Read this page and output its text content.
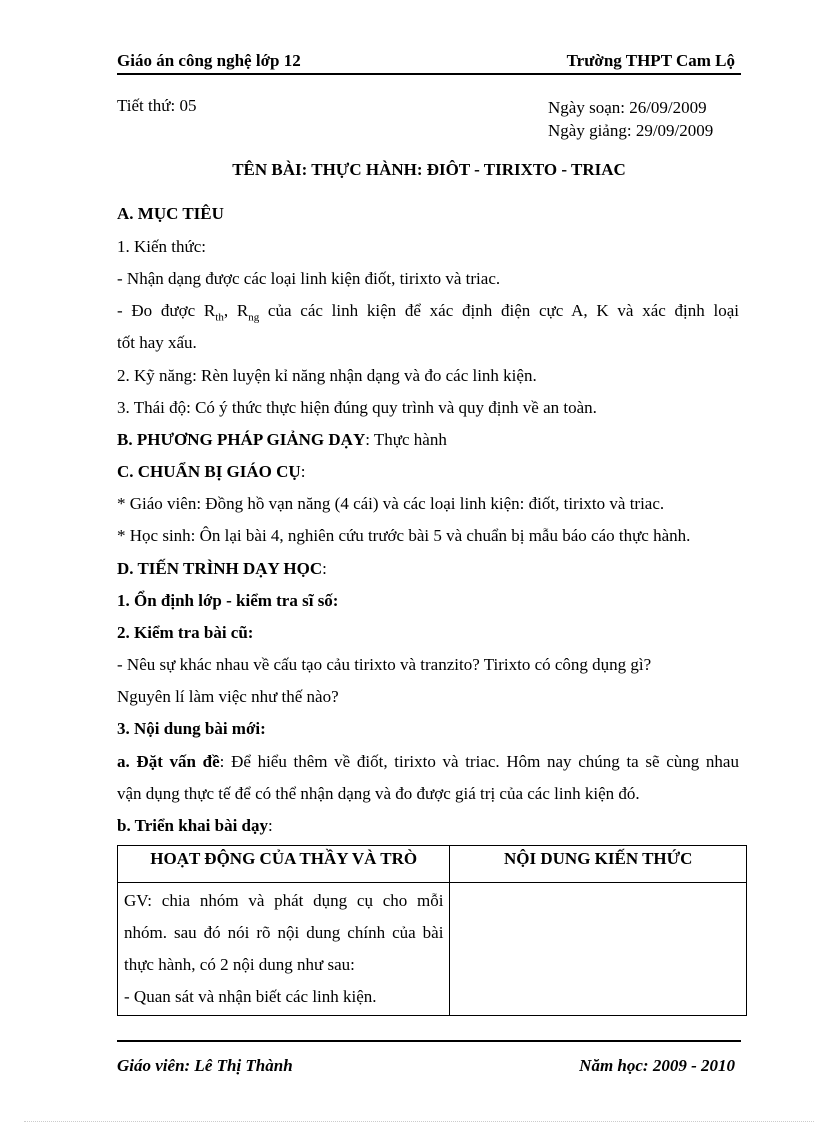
Giáo án công nghệ lớp 12	Trường THPT Cam Lộ
Tiết thứ: 05	Ngày soạn: 26/09/2009
Ngày giảng: 29/09/2009
TÊN BÀI: THỰC HÀNH: ĐIÔT - TIRIXTO - TRIAC
A. MỤC TIÊU
1. Kiến thức:
- Nhận dạng được các loại linh kiện điốt, tirixto và triac.
- Đo được $R_{th}$, $R_{ng}$ của các linh kiện để xác định điện cực A, K và xác định loại
tốt hay xấu.
2. Kỹ năng: Rèn luyện kỉ năng nhận dạng và đo các linh kiện.
3. Thái độ: Có ý thức thực hiện đúng quy trình và quy định về an toàn.
B. PHƯƠNG PHÁP GIẢNG DẠY: Thực hành
C. CHUẨN BỊ GIÁO CỤ:
* Giáo viên: Đồng hồ vạn năng (4 cái) và các loại linh kiện: điốt, tirixto và triac.
* Học sinh: Ôn lại bài 4, nghiên cứu trước bài 5 và chuẩn bị mẫu báo cáo thực hành.
D. TIẾN TRÌNH DẠY HỌC:
1. Ổn định lớp - kiểm tra sĩ số:
2. Kiểm tra bài cũ:
- Nêu sự khác nhau về cấu tạo cảu tirixto và tranzito? Tirixto có công dụng gì?
Nguyên lí làm việc như thế nào?
3. Nội dung bài mới:
a. Đặt vấn đề: Để hiểu thêm về điốt, tirixto và triac. Hôm nay chúng ta sẽ cùng nhau
vận dụng thực tế để có thể nhận dạng và đo được giá trị của các linh kiện đó.
b. Triển khai bài dạy:
HOẠT ĐỘNG CỦA THẦY VÀ TRÒ	NỘI DUNG KIẾN THỨC

GV: chia nhóm và phát dụng cụ cho mỗi nhóm. sau đó nói rõ nội dung chính của bài thực hành, có 2 nội dung như sau:
- Quan sát và nhận biết các linh kiện.	

Giáo viên: Lê Thị Thành	Năm học: 2009 - 2010
